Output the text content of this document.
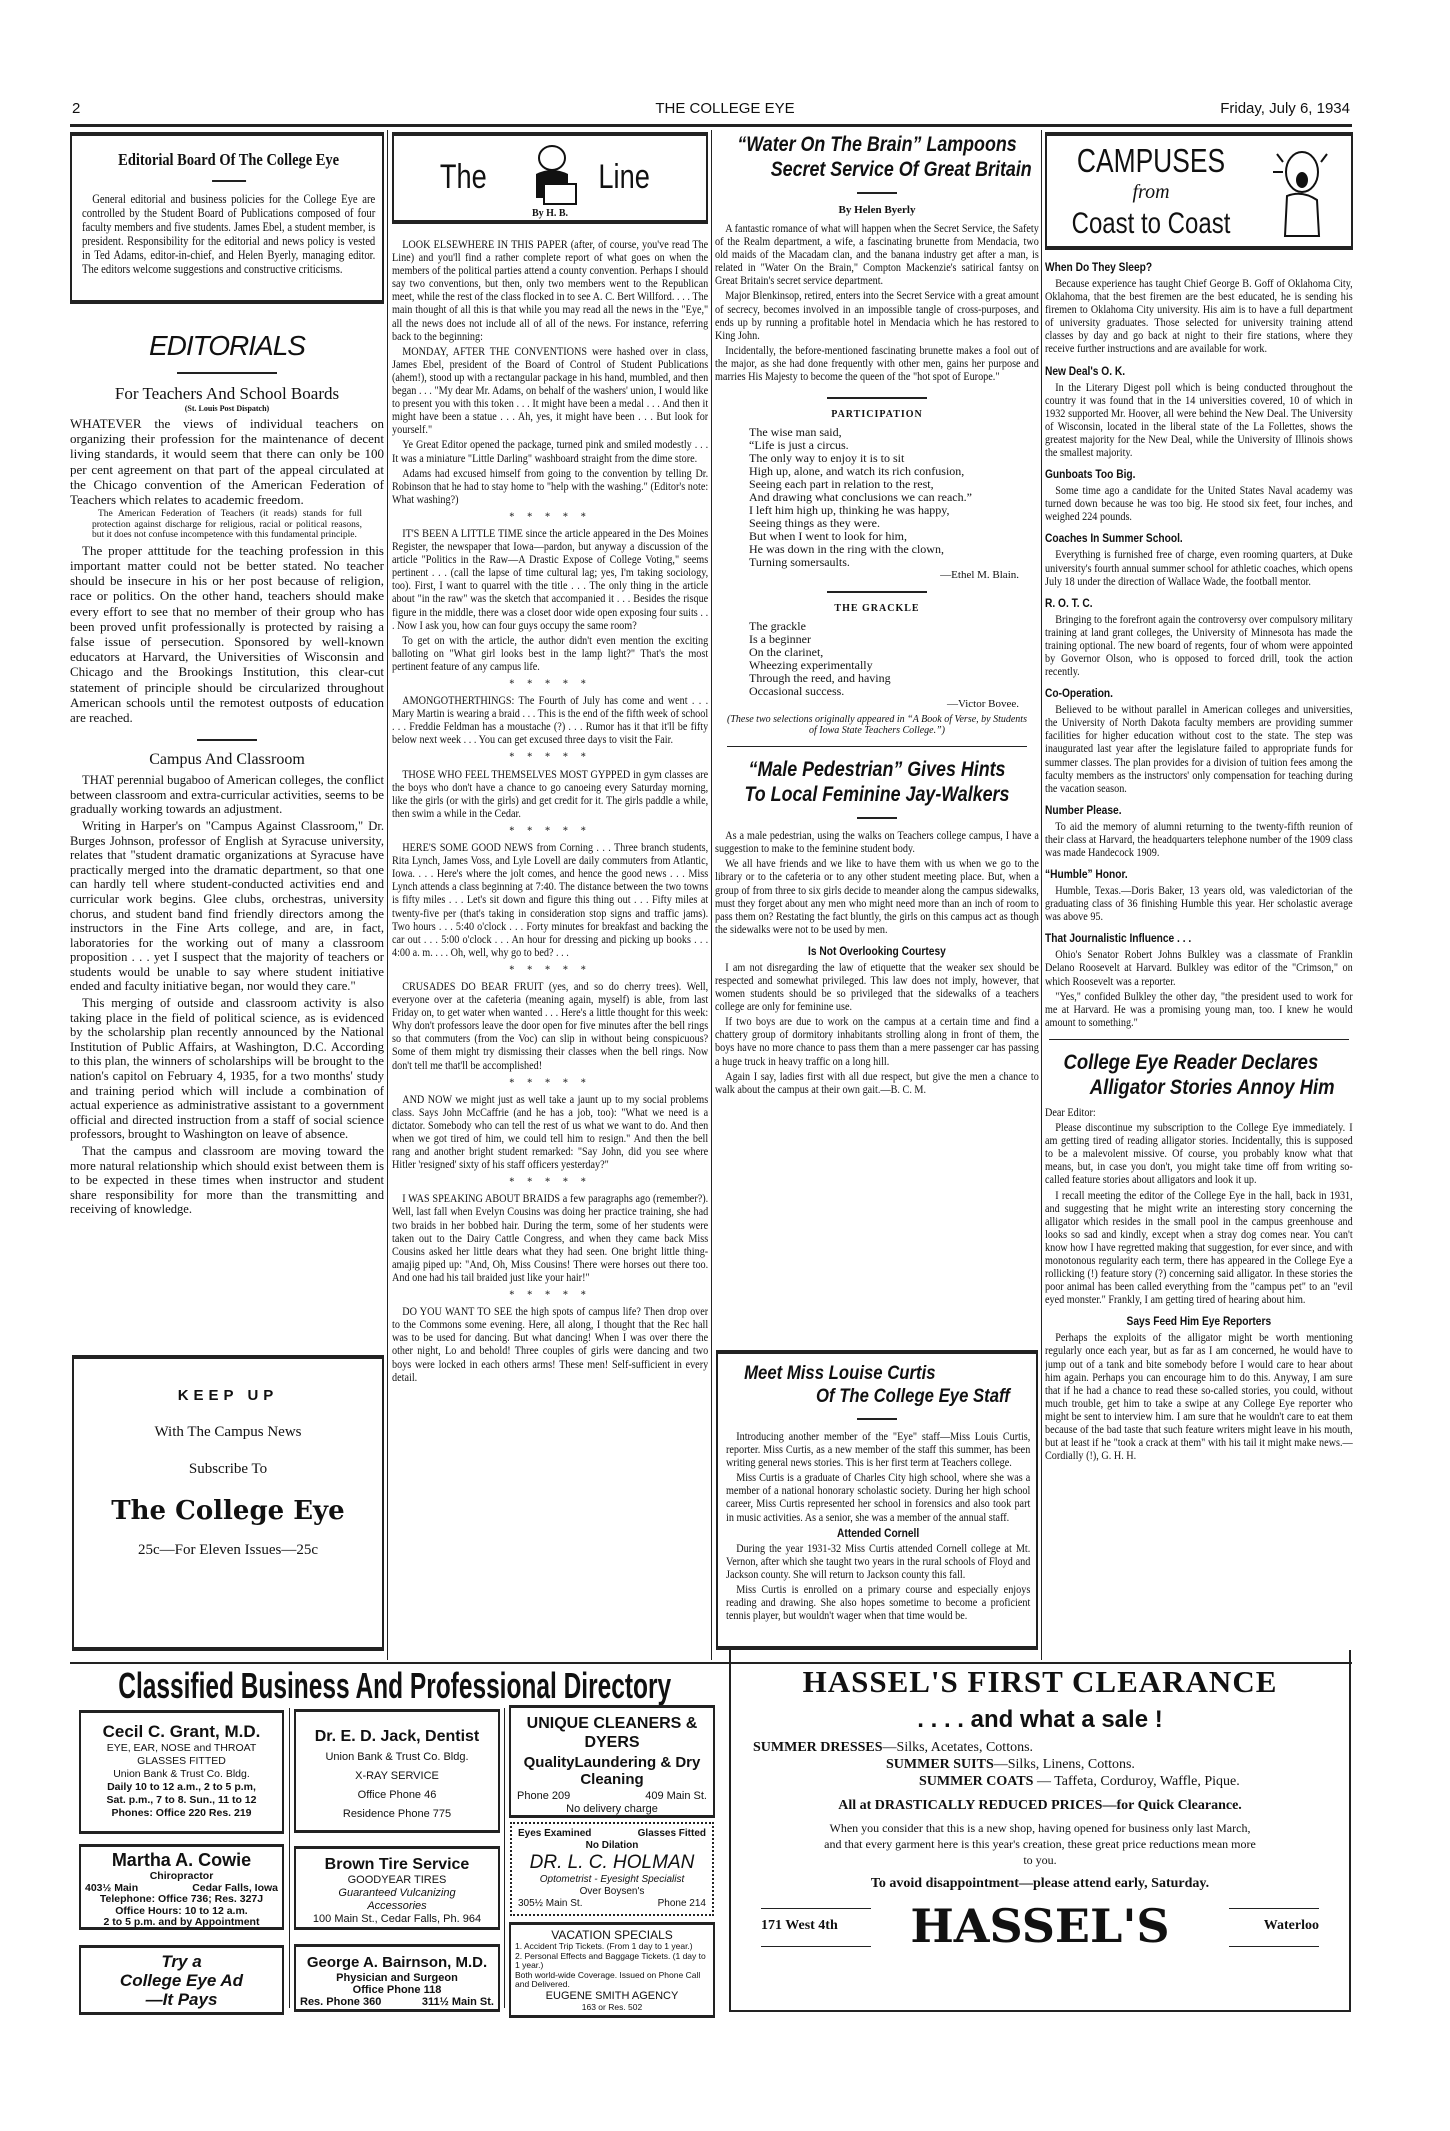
2	THE COLLEGE EYE	Friday, July 6, 1934
Editorial Board Of The College Eye

General editorial and business policies for the College Eye are controlled by the Student Board of Publications composed of four faculty members and five students. James Ebel, a student member, is president. Responsibility for the editorial and news policy is vested in Ted Adams, editor-in-chief, and Helen Byerly, managing editor. The editors welcome suggestions and constructive criticisms.

EDITORIALS
For Teachers And School Boards
(St. Louis Post Dispatch)

WHATEVER the views of individual teachers on organizing their profession for the maintenance of decent living standards, it would seem that there can only be 100 per cent agreement on that part of the appeal circulated at the Chicago convention of the American Federation of Teachers which relates to academic freedom.

The American Federation of Teachers (it reads) stands for full protection against discharge for religious, racial or political reasons, but it does not confuse incompetence with this fundamental principle.

The proper atttitude for the teaching profession in this important matter could not be better stated. No teacher should be insecure in his or her post because of religion, race or politics. On the other hand, teachers should make every effort to see that no member of their group who has been proved unfit professionally is protected by raising a false issue of persecution. Sponsored by well-known educators at Harvard, the Universities of Wisconsin and Chicago and the Brookings Institution, this clear-cut statement of principle should be circularized throughout American schools until the remotest outposts of education are reached.

Campus And Classroom

THAT perennial bugaboo of American colleges, the conflict between classroom and extra-curricular activities, seems to be gradually working towards an adjustment.

Writing in Harper's on "Campus Against Classroom," Dr. Burges Johnson, professor of English at Syracuse university, relates that "student dramatic organizations at Syracuse have practically merged into the dramatic department, so that one can hardly tell where student-conducted activities end and curricular work begins. Glee clubs, orchestras, university chorus, and student band find friendly directors among the instructors in the Fine Arts college, and are, in fact, laboratories for the working out of many a classroom proposition . . . yet I suspect that the majority of teachers or students would be unable to say where student initiative ended and faculty initiative began, nor would they care."

This merging of outside and classroom activity is also taking place in the field of political science, as is evidenced by the scholarship plan recently announced by the National Institution of Public Affairs, at Washington, D.C. According to this plan, the winners of scholarships will be brought to the nation's capitol on February 4, 1935, for a two months' study and training period which will include a combination of actual experience as administrative assistant to a government official and directed instruction from a staff of social science professors, brought to Washington on leave of absence.

That the campus and classroom are moving toward the more natural relationship which should exist between them is to be expected in these times when instructor and student share responsibility for more than the transmitting and receiving of knowledge.

KEEP UP
With The Campus News
Subscribe To
The College Eye
25c—For Eleven Issues—25c
The	Line
By H. B.

LOOK ELSEWHERE IN THIS PAPER (after, of course, you've read The Line) and you'll find a rather complete report of what goes on when the members of the political parties attend a county convention. Perhaps I should say two conventions, but then, only two members went to the Republican meet, while the rest of the class flocked in to see A. C. Bert Willford. . . . The main thought of all this is that while you may read all the news in the "Eye," all the news does not include all of all of the news. For instance, referring back to the beginning:

MONDAY, AFTER THE CONVENTIONS were hashed over in class, James Ebel, president of the Board of Control of Student Publications (ahem!), stood up with a rectangular package in his hand, mumbled, and then began . . . "My dear Mr. Adams, on behalf of the washers' union, I would like to present you with this token . . . It might have been a medal . . . And then it might have been a statue . . . Ah, yes, it might have been . . . But look for yourself."

Ye Great Editor opened the package, turned pink and smiled modestly . . . It was a miniature "Little Darling" washboard straight from the dime store.

Adams had excused himself from going to the convention by telling Dr. Robinson that he had to stay home to "help with the washing." (Editor's note: What washing?)

* * * * *

IT'S BEEN A LITTLE TIME since the article appeared in the Des Moines Register, the newspaper that Iowa—pardon, but anyway a discussion of the article "Politics in the Raw—A Drastic Expose of College Voting," seems pertinent . . . (call the lapse of time cultural lag; yes, I'm taking sociology, too). First, I want to quarrel with the title . . . The only thing in the article about "in the raw" was the sketch that accompanied it . . . Besides the risque figure in the middle, there was a closet door wide open exposing four suits . . . Now I ask you, how can four guys occupy the same room?

To get on with the article, the author didn't even mention the exciting balloting on "What girl looks best in the lamp light?" That's the most pertinent feature of any campus life.

* * * * *

AMONGOTHERTHINGS: The Fourth of July has come and went . . . Mary Martin is wearing a braid . . . This is the end of the fifth week of school . . . Freddie Feldman has a moustache (?) . . . Rumor has it that it'll be fifty below next week . . . You can get excused three days to visit the Fair.

* * * * *

THOSE WHO FEEL THEMSELVES MOST GYPPED in gym classes are the boys who don't have a chance to go canoeing every Saturday morning, like the girls (or with the girls) and get credit for it. The girls paddle a while, then swim a while in the Cedar.

* * * * *

HERE'S SOME GOOD NEWS from Corning . . . Three branch students, Rita Lynch, James Voss, and Lyle Lovell are daily commuters from Atlantic, Iowa. . . . Here's where the jolt comes, and hence the good news . . . Miss Lynch attends a class beginning at 7:40. The distance between the two towns is fifty miles . . . Let's sit down and figure this thing out . . . Fifty miles at twenty-five per (that's taking in consideration stop signs and traffic jams). Two hours . . . 5:40 o'clock . . . Forty minutes for breakfast and backing the car out . . . 5:00 o'clock . . . An hour for dressing and picking up books . . . 4:00 a. m. . . . Oh, well, why go to bed? . . .

* * * * *

CRUSADES DO BEAR FRUIT (yes, and so do cherry trees). Well, everyone over at the cafeteria (meaning again, myself) is able, from last Friday on, to get water when wanted . . . Here's a little thought for this week: Why don't professors leave the door open for five minutes after the bell rings so that commuters (from the Voc) can slip in without being conspicuous? Some of them might try dismissing their classes when the bell rings. Now don't tell me that'll be accomplished!

* * * * *

AND NOW we might just as well take a jaunt up to my social problems class. Says John McCaffrie (and he has a job, too): "What we need is a dictator. Somebody who can tell the rest of us what we want to do. And then when we got tired of him, we could tell him to resign." And then the bell rang and another bright student remarked: "Say John, did you see where Hitler 'resigned' sixty of his staff officers yesterday?"

* * * * *

I WAS SPEAKING ABOUT BRAIDS a few paragraphs ago (remember?). Well, last fall when Evelyn Cousins was doing her practice training, she had two braids in her bobbed hair. During the term, some of her students were taken out to the Dairy Cattle Congress, and when they came back Miss Cousins asked her little dears what they had seen. One bright little thing-amajig piped up: "And, Oh, Miss Cousins! There were horses out there too. And one had his tail braided just like your hair!"

* * * * *

DO YOU WANT TO SEE the high spots of campus life? Then drop over to the Commons some evening. Here, all along, I thought that the Rec hall was to be used for dancing. But what dancing! When I was over there the other night, Lo and behold! Three couples of girls were dancing and two boys were locked in each others arms! These men! Self-sufficient in every detail.

“Water On The Brain” Lampoons
Secret Service Of Great Britain
By Helen Byerly

A fantastic romance of what will happen when the Secret Service, the Safety of the Realm department, a wife, a fascinating brunette from Mendacia, two old maids of the Macadam clan, and the banana industry get after a man, is related in "Water On the Brain," Compton Mackenzie's satirical fantsy on Great Britain's secret service department.

Major Blenkinsop, retired, enters into the Secret Service with a great amount of secrecy, becomes involved in an impossible tangle of cross-purposes, and ends up by running a profitable hotel in Mendacia which he has restored to King John.

Incidentally, the before-mentioned fascinating brunette makes a fool out of the major, as she had done frequently with other men, gains her purpose and marries His Majesty to become the queen of the "hot spot of Europe."

PARTICIPATION
The wise man said,
“Life is just a circus.
The only way to enjoy it is to sit
High up, alone, and watch its rich confusion,
Seeing each part in relation to the rest,
And drawing what conclusions we can reach.”
I left him high up, thinking he was happy,
Seeing things as they were.
But when I went to look for him,
He was down in the ring with the clown,
Turning somersaults.
—Ethel M. Blain.
THE GRACKLE
The grackle
Is a beginner
On the clarinet,
Wheezing experimentally
Through the reed, and having
Occasional success.
—Victor Bovee.
(These two selections originally appeared in “A Book of Verse, by Students of Iowa State Teachers College.”)
“Male Pedestrian” Gives Hints
To Local Feminine Jay-Walkers

As a male pedestrian, using the walks on Teachers college campus, I have a suggestion to make to the feminine student body.

We all have friends and we like to have them with us when we go to the library or to the cafeteria or to any other student meeting place. But, when a group of from three to six girls decide to meander along the campus sidewalks, must they forget about any men who might need more than an inch of room to pass them on? Restating the fact bluntly, the girls on this campus act as though the sidewalks were not to be used by men.

Is Not Overlooking Courtesy

I am not disregarding the law of etiquette that the weaker sex should be respected and somewhat privileged. This law does not imply, however, that women students should be so privileged that the sidewalks of a teachers college are only for feminine use.

If two boys are due to work on the campus at a certain time and find a chattery group of dormitory inhabitants strolling along in front of them, the boys have no more chance to pass them than a mere passenger car has passing a huge truck in heavy traffic on a long hill.

Again I say, ladies first with all due respect, but give the men a chance to walk about the campus at their own gait.—B. C. M.

Meet Miss Louise Curtis
Of The College Eye Staff

Introducing another member of the "Eye" staff—Miss Louis Curtis, reporter. Miss Curtis, as a new member of the staff this summer, has been writing general news stories. This is her first term at Teachers college.

Miss Curtis is a graduate of Charles City high school, where she was a member of a national honorary scholastic society. During her high school career, Miss Curtis represented her school in forensics and also took part in music activities. As a senior, she was a member of the annual staff.

Attended Cornell

During the year 1931-32 Miss Curtis attended Cornell college at Mt. Vernon, after which she taught two years in the rural schools of Floyd and Jackson county. She will return to Jackson county this fall.

Miss Curtis is enrolled on a primary course and especially enjoys reading and drawing. She also hopes sometime to become a proficient tennis player, but wouldn't wager when that time would be.

CAMPUSES
from
Coast to Coast
When Do They Sleep?

Because experience has taught Chief George B. Goff of Oklahoma City, Oklahoma, that the best firemen are the best educated, he is sending his firemen to Oklahoma City university. His aim is to have a full department of university graduates. Those selected for university training attend classes by day and go back at night to their fire stations, where they receive further instructions and are available for work.

New Deal's O. K.

In the Literary Digest poll which is being conducted throughout the country it was found that in the 14 universities covered, 10 of which in 1932 supported Mr. Hoover, all were behind the New Deal. The University of Wisconsin, located in the liberal state of the La Follettes, shows the greatest majority for the New Deal, while the University of Illinois shows the smallest majority.

Gunboats Too Big.

Some time ago a candidate for the United States Naval academy was turned down because he was too big. He stood six feet, four inches, and weighed 224 pounds.

Coaches In Summer School.

Everything is furnished free of charge, even rooming quarters, at Duke university's fourth annual summer school for athletic coaches, which opens July 18 under the direction of Wallace Wade, the football mentor.

R. O. T. C.

Bringing to the forefront again the controversy over compulsory military training at land grant colleges, the University of Minnesota has made the training optional. The new board of regents, four of whom were appointed by Governor Olson, who is opposed to forced drill, took the action recently.

Co-Operation.

Believed to be without parallel in American colleges and universities, the University of North Dakota faculty members are providing summer facilities for higher education without cost to the state. The step was inaugurated last year after the legislature failed to appropriate funds for summer classes. The plan provides for a division of tuition fees among the faculty members as the instructors' only compensation for teaching during the vacation season.

Number Please.

To aid the memory of alumni returning to the twenty-fifth reunion of their class at Harvard, the headquarters telephone number of the 1909 class was made Handecock 1909.

“Humble” Honor.

Humble, Texas.—Doris Baker, 13 years old, was valedictorian of the graduating class of 36 finishing Humble this year. Her scholastic average was above 95.

That Journalistic Influence . . .

Ohio's Senator Robert Johns Bulkley was a classmate of Franklin Delano Roosevelt at Harvard. Bulkley was editor of the "Crimson," on which Roosevelt was a reporter.

"Yes," confided Bulkley the other day, "the president used to work for me at Harvard. He was a promising young man, too. I knew he would amount to something."

College Eye Reader Declares
Alligator Stories Annoy Him

Dear Editor:

Please discontinue my subscription to the College Eye immediately. I am getting tired of reading alligator stories. Incidentally, this is supposed to be a malevolent missive. Of course, you probably know what that means, but, in case you don't, you might take time off from writing so-called feature stories about alligators and look it up.

I recall meeting the editor of the College Eye in the hall, back in 1931, and suggesting that he might write an interesting story concerning the alligator which resides in the small pool in the campus greenhouse and looks so sad and kindly, except when a stray dog comes near. You can't know how I have regretted making that suggestion, for ever since, and with monotonous regularity each term, there has appeared in the College Eye a rollicking (!) feature story (?) concerning said alligator. In these stories the poor animal has been called everything from the "campus pet" to an "evil eyed monster." Frankly, I am getting tired of hearing about him.

Says Feed Him Eye Reporters

Perhaps the exploits of the alligator might be worth mentioning regularly once each year, but as far as I am concerned, he would have to jump out of a tank and bite somebody before I would care to hear about him again. Perhaps you can encourage him to do this. Anyway, I am sure that if he had a chance to read these so-called stories, you could, without much trouble, get him to take a swipe at any College Eye reporter who might be sent to interview him. I am sure that he wouldn't care to eat them because of the bad taste that such feature writers might leave in his mouth, but at least if he "took a crack at them" with his tail it might make news.—Cordially (!), G. H. H.

Classified Business And Professional Directory
Cecil C. Grant, M.D.
EYE, EAR, NOSE and THROAT
GLASSES FITTED
Union Bank & Trust Co. Bldg.
Daily 10 to 12 a.m., 2 to 5 p.m,
Sat. p.m., 7 to 8. Sun., 11 to 12
Phones: Office 220 Res. 219
Dr. E. D. Jack, Dentist
Union Bank & Trust Co. Bldg.
X-RAY SERVICE
Office Phone 46
Residence Phone 775
UNIQUE CLEANERS & DYERS
QualityLaundering & Dry Cleaning
Phone 209	409 Main St.
No delivery charge
Martha A. Cowie
Chiropractor
403½ Main	Cedar Falls, Iowa
Telephone: Office 736; Res. 327J
Office Hours: 10 to 12 a.m.
2 to 5 p.m. and by Appointment
Brown Tire Service
GOODYEAR TIRES
Guaranteed Vulcanizing
Accessories
100 Main St., Cedar Falls, Ph. 964
Eyes Examined	Glasses Fitted
No Dilation
DR. L. C. HOLMAN
Optometrist - Eyesight Specialist
Over Boysen's
305½ Main St.	Phone 214
Try a
College Eye Ad
—It Pays
George A. Bairnson, M.D.
Physician and Surgeon
Office Phone 118
Res. Phone 360	311½ Main St.
VACATION SPECIALS
1. Accident Trip Tickets. (From 1 day to 1 year.)
2. Personal Effects and Baggage Tickets. (1 day to 1 year.)
Both world-wide Coverage. Issued on Phone Call and Delivered.
EUGENE SMITH AGENCY
163 or Res. 502
HASSEL'S FIRST CLEARANCE
. . . . and what a sale !
SUMMER DRESSES—Silks, Acetates, Cottons.
SUMMER SUITS—Silks, Linens, Cottons.
SUMMER COATS — Taffeta, Corduroy, Waffle, Pique.
All at DRASTICALLY REDUCED PRICES—for Quick Clearance.
When you consider that this is a new shop, having opened for business only last March, and that every garment here is this year's creation, these great price reductions mean more to you.
To avoid disappointment—please attend early, Saturday.
171 West 4th	HASSEL'S	Waterloo
